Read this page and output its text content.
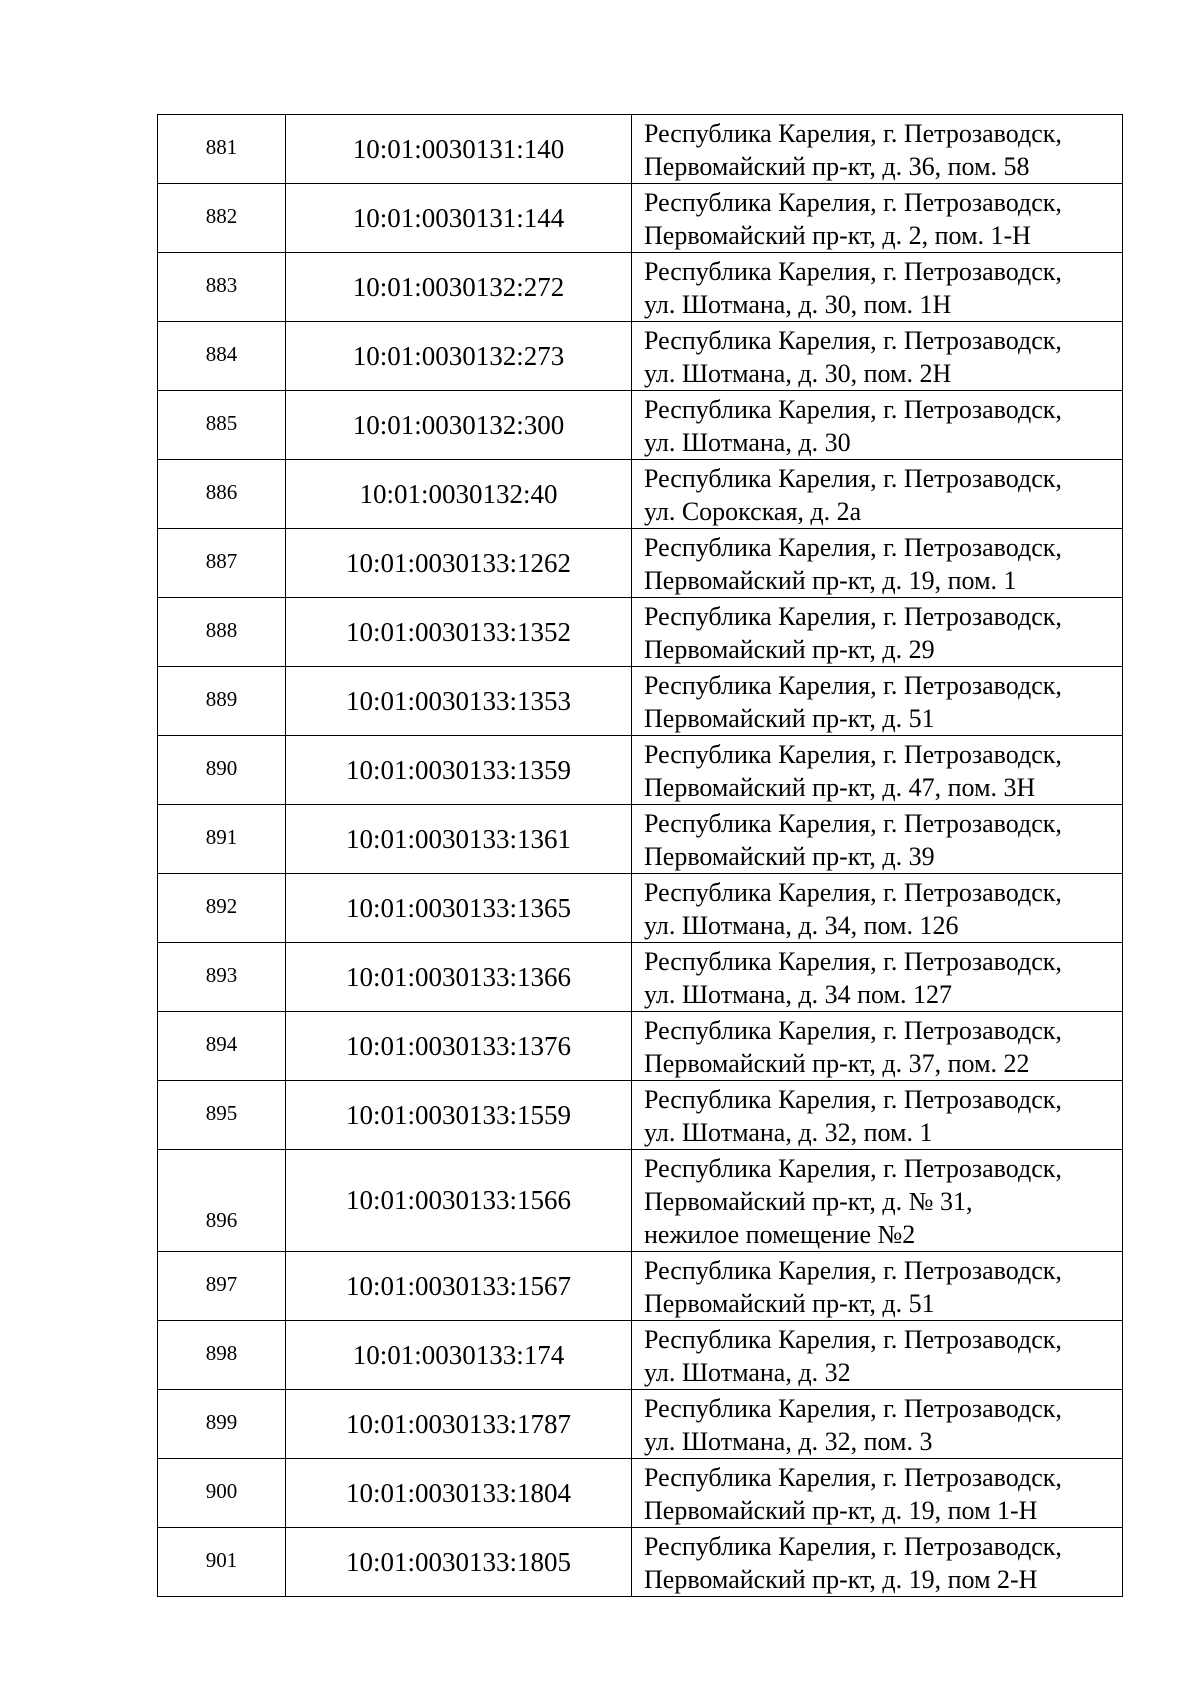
881	10:01:0030131:140	Республика Карелия, г. Петрозаводск,
Первомайский пр-кт, д. 36, пом. 58

882	10:01:0030131:144	Республика Карелия, г. Петрозаводск,
Первомайский пр-кт, д. 2, пом. 1-Н

883	10:01:0030132:272	Республика Карелия, г. Петрозаводск,
ул. Шотмана, д. 30, пом. 1Н

884	10:01:0030132:273	Республика Карелия, г. Петрозаводск,
ул. Шотмана, д. 30, пом. 2Н

885	10:01:0030132:300	Республика Карелия, г. Петрозаводск,
ул. Шотмана, д. 30

886	10:01:0030132:40	Республика Карелия, г. Петрозаводск,
ул. Сорокская, д. 2а

887	10:01:0030133:1262	Республика Карелия, г. Петрозаводск,
Первомайский пр-кт, д. 19, пом. 1

888	10:01:0030133:1352	Республика Карелия, г. Петрозаводск,
Первомайский пр-кт, д. 29

889	10:01:0030133:1353	Республика Карелия, г. Петрозаводск,
Первомайский пр-кт, д. 51

890	10:01:0030133:1359	Республика Карелия, г. Петрозаводск,
Первомайский пр-кт, д. 47, пом. 3Н

891	10:01:0030133:1361	Республика Карелия, г. Петрозаводск,
Первомайский пр-кт, д. 39

892	10:01:0030133:1365	Республика Карелия, г. Петрозаводск,
ул. Шотмана, д. 34, пом. 126

893	10:01:0030133:1366	Республика Карелия, г. Петрозаводск,
ул. Шотмана, д. 34 пом. 127

894	10:01:0030133:1376	Республика Карелия, г. Петрозаводск,
Первомайский пр-кт, д. 37, пом. 22

895	10:01:0030133:1559	Республика Карелия, г. Петрозаводск,
ул. Шотмана, д. 32, пом. 1

896	10:01:0030133:1566	Республика Карелия, г. Петрозаводск,
Первомайский пр-кт, д. № 31,
нежилое помещение №2

897	10:01:0030133:1567	Республика Карелия, г. Петрозаводск,
Первомайский пр-кт, д. 51

898	10:01:0030133:174	Республика Карелия, г. Петрозаводск,
ул. Шотмана, д. 32

899	10:01:0030133:1787	Республика Карелия, г. Петрозаводск,
ул. Шотмана, д. 32, пом. 3

900	10:01:0030133:1804	Республика Карелия, г. Петрозаводск,
Первомайский пр-кт, д. 19, пом 1-Н

901	10:01:0030133:1805	Республика Карелия, г. Петрозаводск,
Первомайский пр-кт, д. 19, пом 2-Н
